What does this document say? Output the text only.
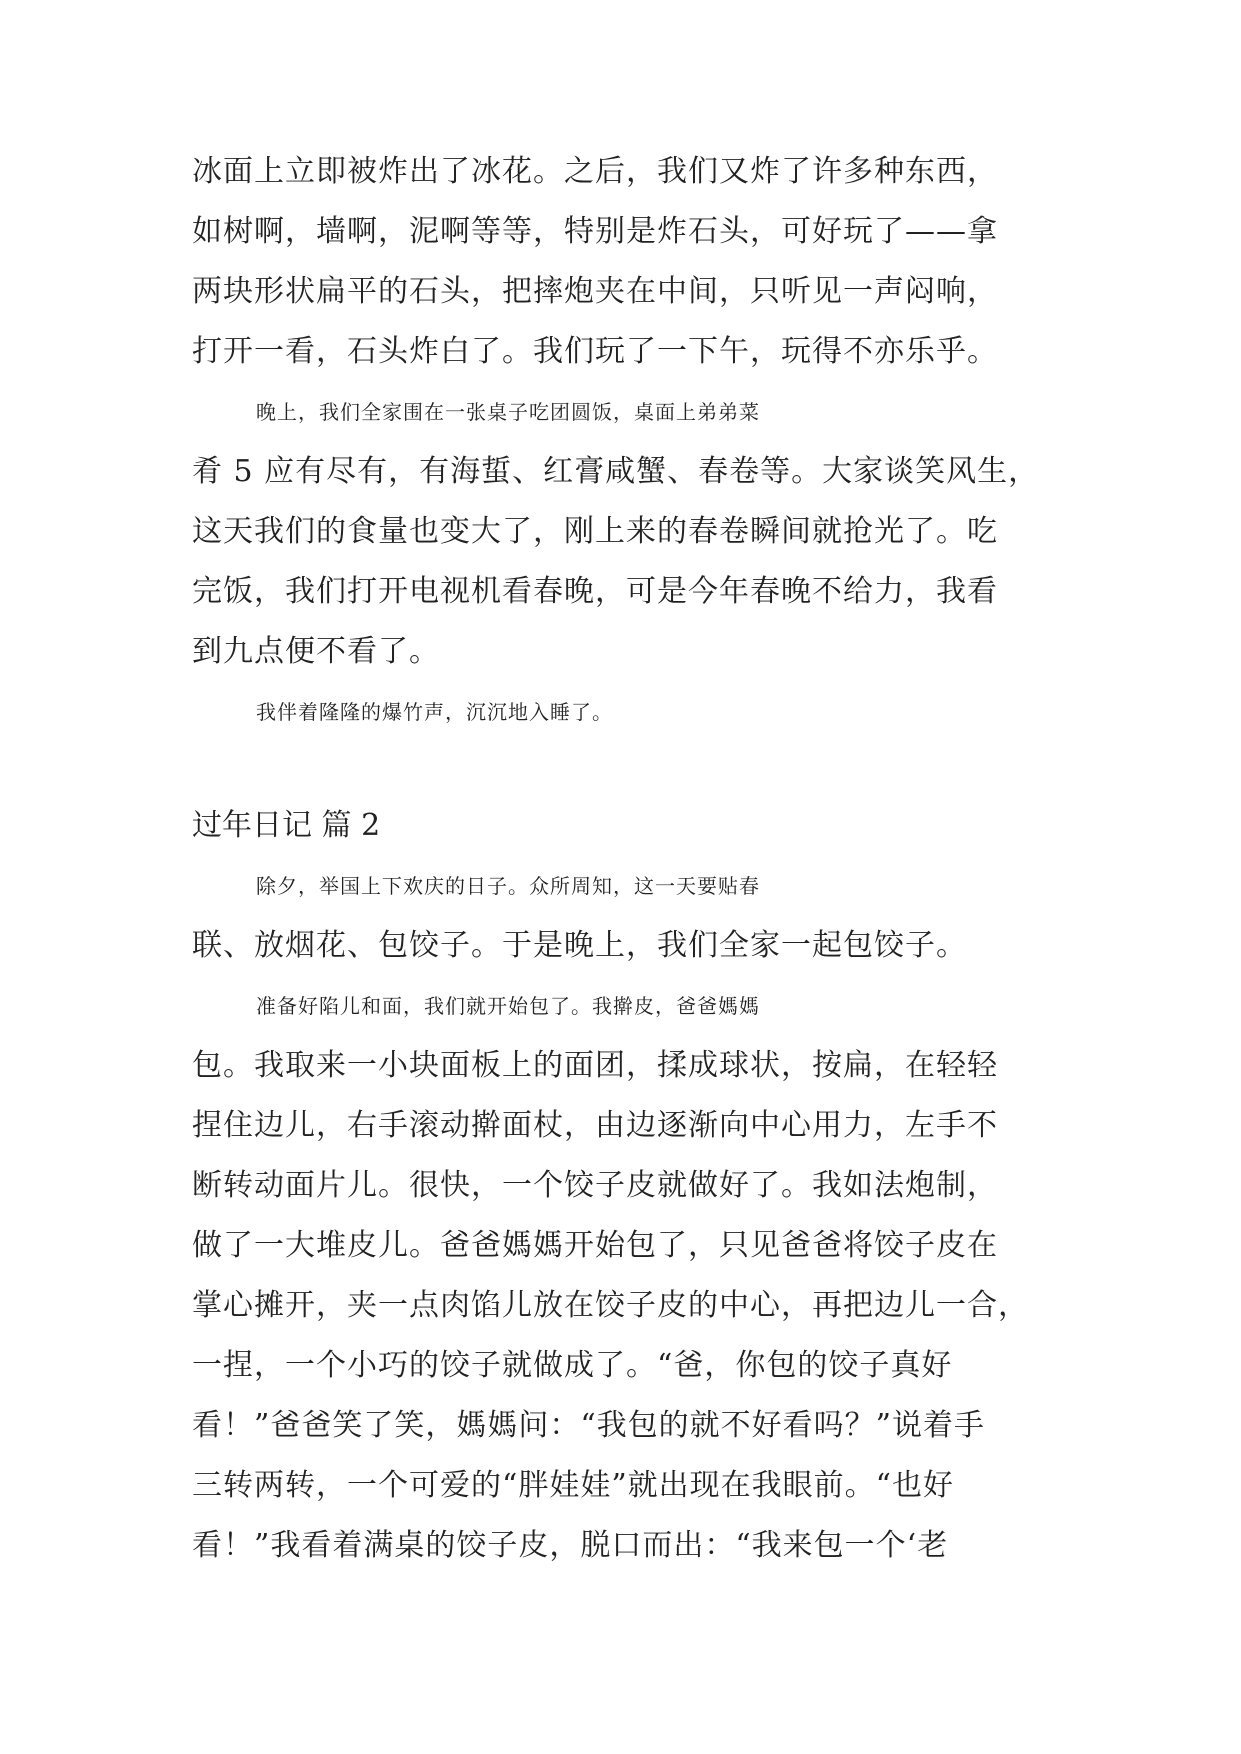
冰面上立即被炸出了冰花。之后，我们又炸了许多种东西，
如树啊，墙啊，泥啊等等，特别是炸石头，可好玩了——拿
两块形状扁平的石头，把摔炮夹在中间，只听见一声闷响，
打开一看，石头炸白了。我们玩了一下午，玩得不亦乐乎。
晚上，我们全家围在一张桌子吃团圆饭，桌面上弟弟菜
肴 5 应有尽有，有海蜇、红膏咸蟹、春卷等。大家谈笑风生，
这天我们的食量也变大了，刚上来的春卷瞬间就抢光了。吃
完饭，我们打开电视机看春晚，可是今年春晚不给力，我看
到九点便不看了。
我伴着隆隆的爆竹声，沉沉地入睡了。
过年日记 篇 2
除夕，举国上下欢庆的日子。众所周知，这一天要贴春
联、放烟花、包饺子。于是晚上，我们全家一起包饺子。
准备好陷儿和面，我们就开始包了。我擀皮，爸爸媽媽
包。我取来一小块面板上的面团，揉成球状，按扁，在轻轻
捏住边儿，右手滚动擀面杖，由边逐渐向中心用力，左手不
断转动面片儿。很快，一个饺子皮就做好了。我如法炮制，
做了一大堆皮儿。爸爸媽媽开始包了，只见爸爸将饺子皮在
掌心摊开，夹一点肉馅儿放在饺子皮的中心，再把边儿一合，
一捏，一个小巧的饺子就做成了。“爸，你包的饺子真好
看！”爸爸笑了笑，媽媽问：“我包的就不好看吗？”说着手
三转两转，一个可爱的“胖娃娃”就出现在我眼前。“也好
看！”我看着满桌的饺子皮，脱口而出：“我来包一个‘老
